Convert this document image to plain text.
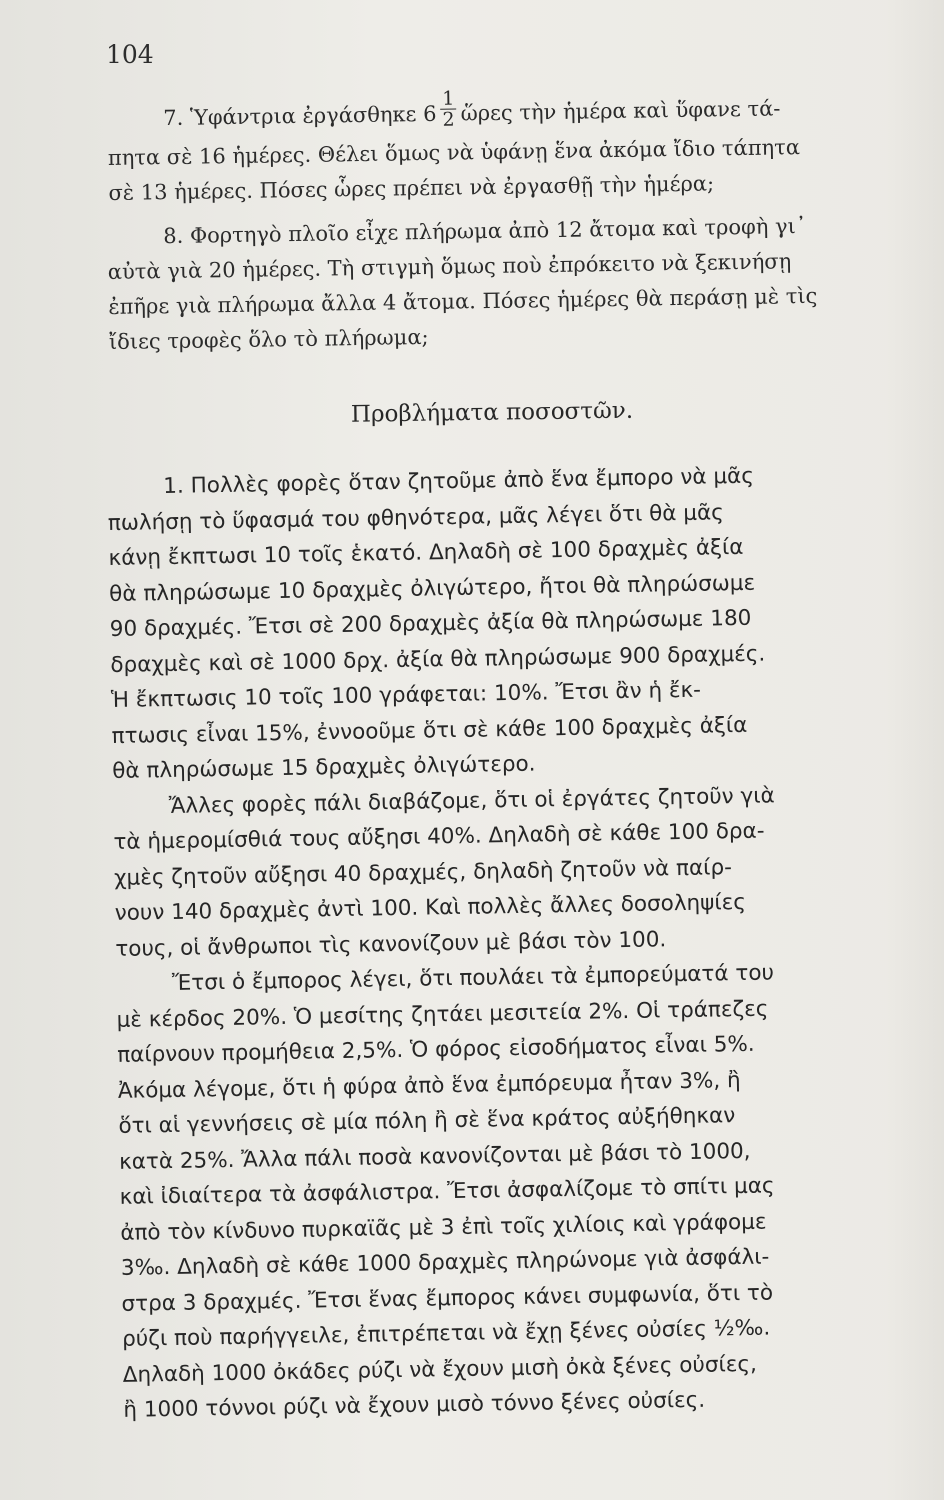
104
7. Ὑφάντρια ἐργάσθηκε $6 \frac{1}{2}$ ὥρες τὴν ἡμέρα καὶ ὕφανε τά-
πητα σὲ 16 ἡμέρες. Θέλει ὅμως νὰ ὑφάνῃ ἕνα ἀκόμα ἴδιο τάπητα
σὲ 13 ἡμέρες. Πόσες ὧρες πρέπει νὰ ἐργασθῇ τὴν ἡμέρα;
8. Φορτηγὸ πλοῖο εἶχε πλήρωμα ἀπὸ 12 ἄτομα καὶ τροφὴ γι᾽
αὐτὰ γιὰ 20 ἡμέρες. Τὴ στιγμὴ ὅμως ποὺ ἐπρόκειτο νὰ ξεκινήσῃ
ἐπῆρε γιὰ πλήρωμα ἄλλα 4 ἄτομα. Πόσες ἡμέρες θὰ περάσῃ μὲ τὶς
ἴδιες τροφὲς ὅλο τὸ πλήρωμα;
Προβλήματα ποσοστῶν.
1. Πολλὲς φορὲς ὅταν ζητοῦμε ἀπὸ ἕνα ἔμπορο νὰ μᾶς
πωλήσῃ τὸ ὕφασμά του φθηνότερα, μᾶς λέγει ὅτι θὰ μᾶς
κάνῃ ἔκπτωσι 10 τοῖς ἑκατό. Δηλαδὴ σὲ 100 δραχμὲς ἀξία
θὰ πληρώσωμε 10 δραχμὲς ὀλιγώτερο, ἤτοι θὰ πληρώσωμε
90 δραχμές. Ἔτσι σὲ 200 δραχμὲς ἀξία θὰ πληρώσωμε 180
δραχμὲς καὶ σὲ 1000 δρχ. ἀξία θὰ πληρώσωμε 900 δραχμές.
Ἡ ἔκπτωσις 10 τοῖς 100 γράφεται: 10%. Ἔτσι ἂν ἡ ἔκ-
πτωσις εἶναι 15%, ἐννοοῦμε ὅτι σὲ κάθε 100 δραχμὲς ἀξία
θὰ πληρώσωμε 15 δραχμὲς ὀλιγώτερο.
Ἄλλες φορὲς πάλι διαβάζομε, ὅτι οἱ ἐργάτες ζητοῦν γιὰ
τὰ ἡμερομίσθιά τους αὔξησι 40%. Δηλαδὴ σὲ κάθε 100 δρα-
χμὲς ζητοῦν αὔξησι 40 δραχμές, δηλαδὴ ζητοῦν νὰ παίρ-
νουν 140 δραχμὲς ἀντὶ 100. Καὶ πολλὲς ἄλλες δοσοληψίες
τους, οἱ ἄνθρωποι τὶς κανονίζουν μὲ βάσι τὸν 100.
Ἔτσι ὁ ἔμπορος λέγει, ὅτι πουλάει τὰ ἐμπορεύματά του
μὲ κέρδος 20%. Ὁ μεσίτης ζητάει μεσιτεία 2%. Οἱ τράπεζες
παίρνουν προμήθεια 2,5%. Ὁ φόρος εἰσοδήματος εἶναι 5%.
Ἀκόμα λέγομε, ὅτι ἡ φύρα ἀπὸ ἕνα ἐμπόρευμα ἦταν 3%, ἢ
ὅτι αἱ γεννήσεις σὲ μία πόλη ἢ σὲ ἕνα κράτος αὐξήθηκαν
κατὰ 25%. Ἄλλα πάλι ποσὰ κανονίζονται μὲ βάσι τὸ 1000,
καὶ ἰδιαίτερα τὰ ἀσφάλιστρα. Ἔτσι ἀσφαλίζομε τὸ σπίτι μας
ἀπὸ τὸν κίνδυνο πυρκαϊᾶς μὲ 3 ἐπὶ τοῖς χιλίοις καὶ γράφομε
3‰. Δηλαδὴ σὲ κάθε 1000 δραχμὲς πληρώνομε γιὰ ἀσφάλι-
στρα 3 δραχμές. Ἔτσι ἕνας ἔμπορος κάνει συμφωνία, ὅτι τὸ
ρύζι ποὺ παρήγγειλε, ἐπιτρέπεται νὰ ἔχῃ ξένες οὐσίες ½‰.
Δηλαδὴ 1000 ὀκάδες ρύζι νὰ ἔχουν μισὴ ὀκὰ ξένες οὐσίες,
ἢ 1000 τόννοι ρύζι νὰ ἔχουν μισὸ τόννο ξένες οὐσίες.
